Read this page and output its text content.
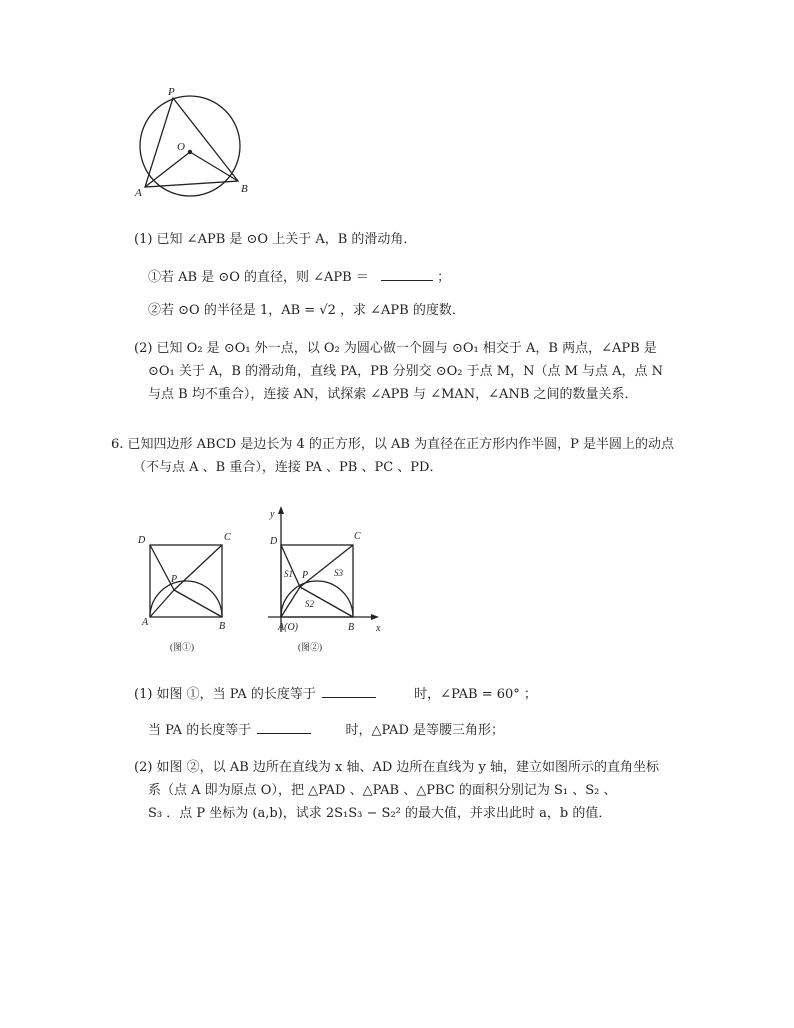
P
O
A	B
(1) 已知 ∠APB 是 ⊙O 上关于 A，B 的滑动角．
①若 AB 是 ⊙O 的直径，则 ∠APB ＝	；
②若 ⊙O 的半径是 1，AB = √2 ，求 ∠APB 的度数．
(2) 已知 O₂ 是 ⊙O₁ 外一点，以 O₂ 为圆心做一个圆与 ⊙O₁ 相交于 A，B 两点，∠APB 是
⊙O₁ 关于 A，B 的滑动角，直线 PA，PB 分别交 ⊙O₂ 于点 M，N（点 M 与点 A，点 N
与点 B 均不重合），连接 AN，试探索 ∠APB 与 ∠MAN，∠ANB 之间的数量关系．
6. 已知四边形 ABCD 是边长为 4 的正方形，以 AB 为直径在正方形内作半圆，P 是半圆上的动点
（不与点 A 、B 重合），连接 PA 、PB 、PC 、PD．
D	C
P
A	B
(图①)
y
x
D	C
S1 P	S3
S2
A(O)	B
(图②)
(1) 如图 ①，当 PA 的长度等于	时，∠PAB = 60° ；
当 PA 的长度等于	时，△PAD 是等腰三角形；
(2) 如图 ②，以 AB 边所在直线为 x 轴、AD 边所在直线为 y 轴，建立如图所示的直角坐标
系（点 A 即为原点 O），把 △PAD 、△PAB 、△PBC 的面积分别记为 S₁ 、S₂ 、
S₃ ．点 P 坐标为 (a,b)，试求 2S₁S₃ − S₂² 的最大值，并求出此时 a，b 的值．
